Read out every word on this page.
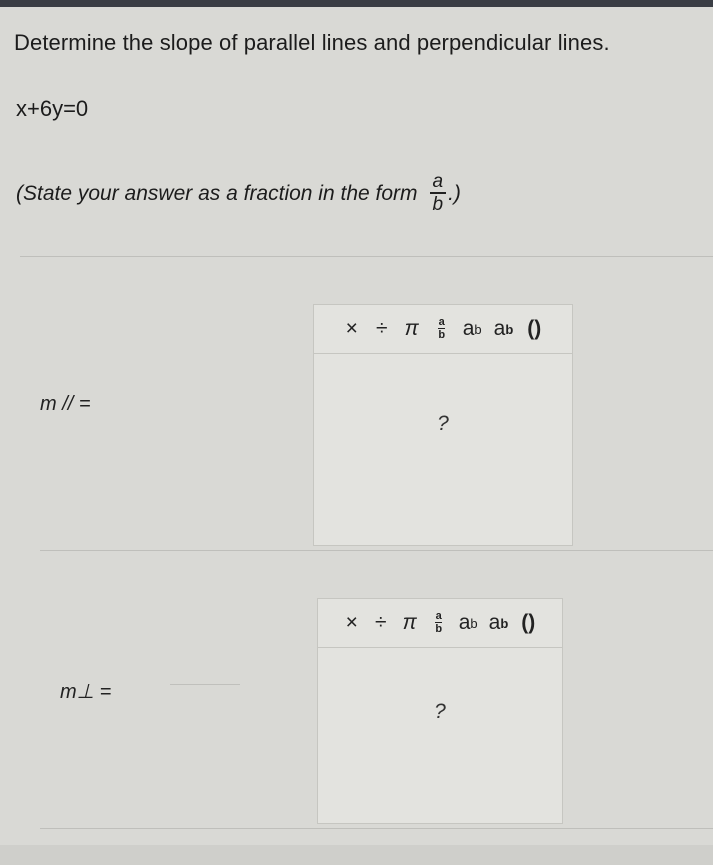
Determine the slope of parallel lines and perpendicular lines.
x+6y=0
(State your answer as a fraction in the form $\frac{a}{b}$ .)
m // =
× ÷ π $\frac{a}{b}$ a b a b ()
?
m⊥ =
× ÷ π $\frac{a}{b}$ a b a b ()
?
